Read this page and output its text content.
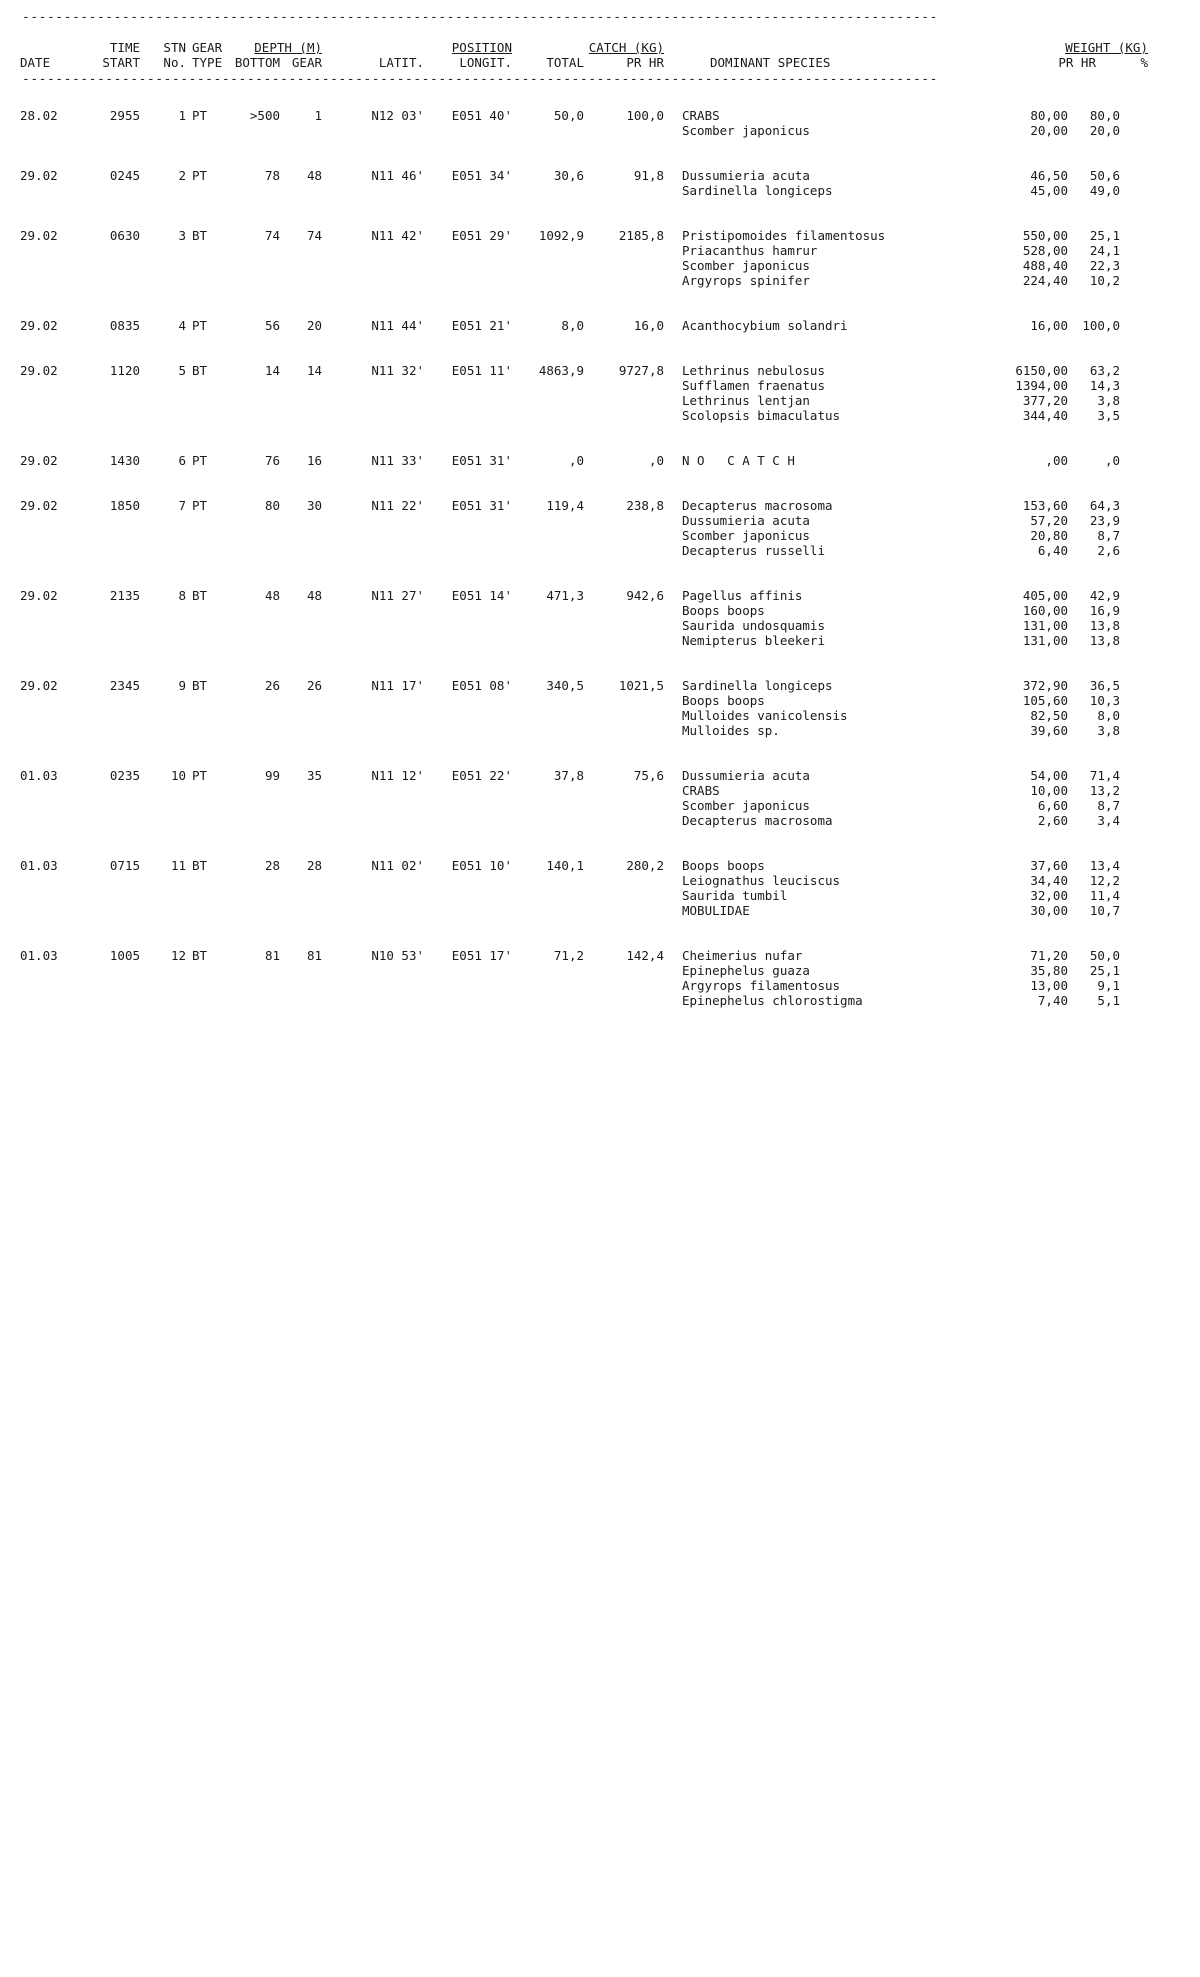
--------------------------------------------------------------------------------------------------------------
	TIME	STN	GEAR	DEPTH (M)		POSITION		CATCH (KG)			WEIGHT (KG)	
DATE	START	No.	TYPE	BOTTOM	GEAR	LATIT.	LONGIT.	TOTAL	PR HR	DOMINANT SPECIES	PR HR	%
--------------------------------------------------------------------------------------------------------------
28.02	2955	1	PT	>500	1	N12 03'	E051 40'	50,0	100,0	CRABS	80,00	80,0
										Scomber japonicus	20,00	20,0

29.02	0245	2	PT	78	48	N11 46'	E051 34'	30,6	91,8	Dussumieria acuta	46,50	50,6
										Sardinella longiceps	45,00	49,0

29.02	0630	3	BT	74	74	N11 42'	E051 29'	1092,9	2185,8	Pristipomoides filamentosus	550,00	25,1
										Priacanthus hamrur	528,00	24,1
										Scomber japonicus	488,40	22,3
										Argyrops spinifer	224,40	10,2

29.02	0835	4	PT	56	20	N11 44'	E051 21'	8,0	16,0	Acanthocybium solandri	16,00	100,0

29.02	1120	5	BT	14	14	N11 32'	E051 11'	4863,9	9727,8	Lethrinus nebulosus	6150,00	63,2
										Sufflamen fraenatus	1394,00	14,3
										Lethrinus lentjan	377,20	3,8
										Scolopsis bimaculatus	344,40	3,5

29.02	1430	6	PT	76	16	N11 33'	E051 31'	,0	,0	N O   C A T C H	,00	,0

29.02	1850	7	PT	80	30	N11 22'	E051 31'	119,4	238,8	Decapterus macrosoma	153,60	64,3
										Dussumieria acuta	57,20	23,9
										Scomber japonicus	20,80	8,7
										Decapterus russelli	6,40	2,6

29.02	2135	8	BT	48	48	N11 27'	E051 14'	471,3	942,6	Pagellus affinis	405,00	42,9
										Boops boops	160,00	16,9
										Saurida undosquamis	131,00	13,8
										Nemipterus bleekeri	131,00	13,8

29.02	2345	9	BT	26	26	N11 17'	E051 08'	340,5	1021,5	Sardinella longiceps	372,90	36,5
										Boops boops	105,60	10,3
										Mulloides vanicolensis	82,50	8,0
										Mulloides sp.	39,60	3,8

01.03	0235	10	PT	99	35	N11 12'	E051 22'	37,8	75,6	Dussumieria acuta	54,00	71,4
										CRABS	10,00	13,2
										Scomber japonicus	6,60	8,7
										Decapterus macrosoma	2,60	3,4

01.03	0715	11	BT	28	28	N11 02'	E051 10'	140,1	280,2	Boops boops	37,60	13,4
										Leiognathus leuciscus	34,40	12,2
										Saurida tumbil	32,00	11,4
										MOBULIDAE	30,00	10,7

01.03	1005	12	BT	81	81	N10 53'	E051 17'	71,2	142,4	Cheimerius nufar	71,20	50,0
										Epinephelus guaza	35,80	25,1
										Argyrops filamentosus	13,00	9,1
										Epinephelus chlorostigma	7,40	5,1
